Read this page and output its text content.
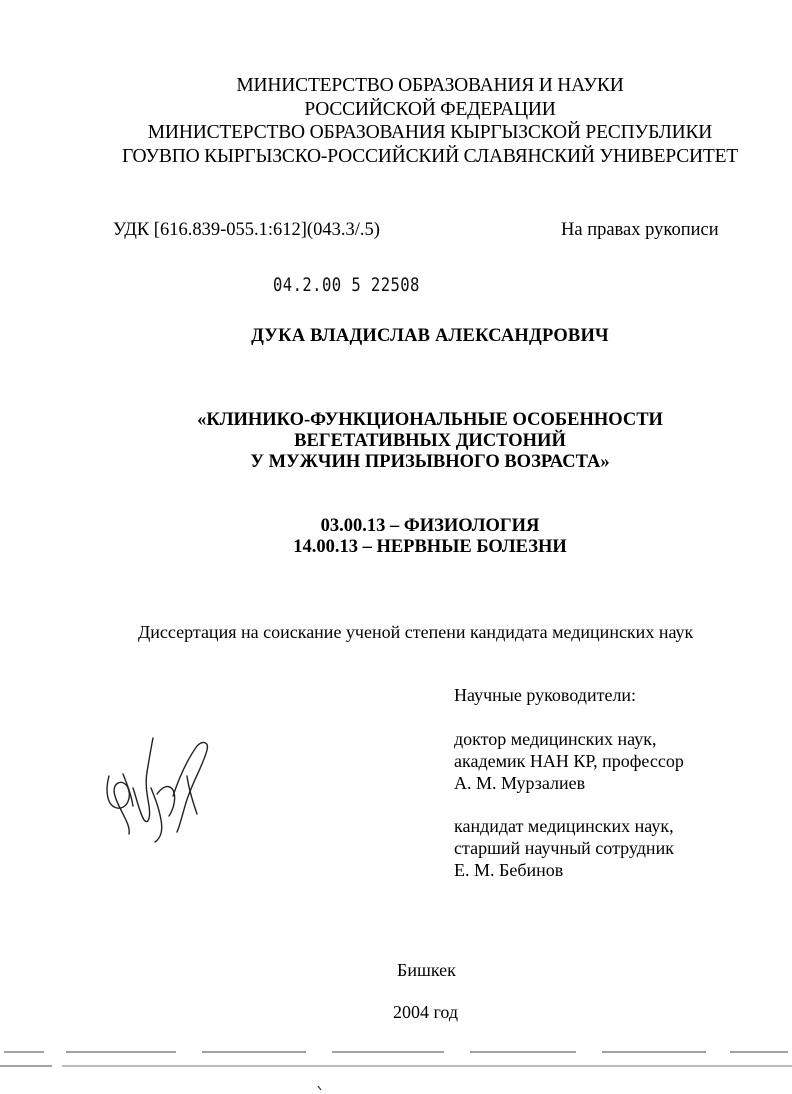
МИНИСТЕРСТВО ОБРАЗОВАНИЯ И НАУКИ
РОССИЙСКОЙ ФЕДЕРАЦИИ
МИНИСТЕРСТВО ОБРАЗОВАНИЯ КЫРГЫЗСКОЙ РЕСПУБЛИКИ
ГОУВПО КЫРГЫЗСКО-РОССИЙСКИЙ СЛАВЯНСКИЙ УНИВЕРСИТЕТ
УДК [616.839-055.1:612](043.3/.5)	На правах рукописи
04.2.00 5 22508
ДУКА ВЛАДИСЛАВ АЛЕКСАНДРОВИЧ
«КЛИНИКО-ФУНКЦИОНАЛЬНЫЕ ОСОБЕННОСТИ
ВЕГЕТАТИВНЫХ ДИСТОНИЙ
У МУЖЧИН ПРИЗЫВНОГО ВОЗРАСТА»
03.00.13 – ФИЗИОЛОГИЯ
14.00.13 – НЕРВНЫЕ БОЛЕЗНИ
Диссертация на соискание ученой степени кандидата медицинских наук
Научные руководители:
доктор медицинских наук,
академик НАН КР, профессор
А. М. Мурзалиев
кандидат медицинских наук,
старший научный сотрудник
Е. М. Бебинов
Бишкек
2004 год
